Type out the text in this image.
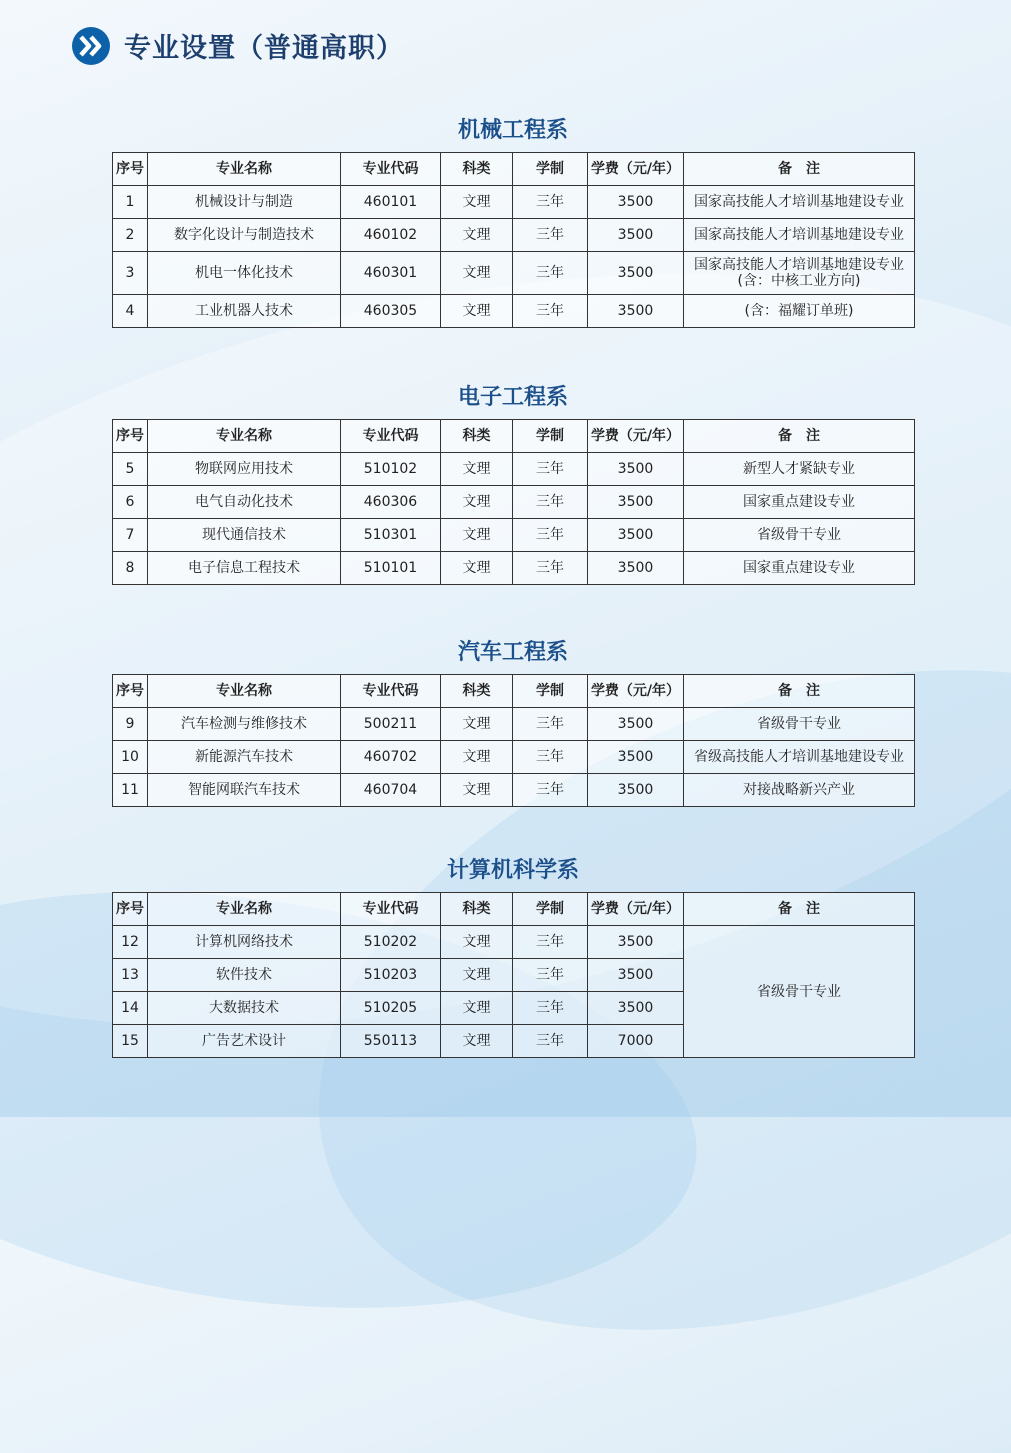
专业设置（普通高职）
机械工程系
序号	专业名称	专业代码	科类	学制	学费（元/年）	备　注
1	机械设计与制造	460101	文理	三年	3500	国家高技能人才培训基地建设专业
2	数字化设计与制造技术	460102	文理	三年	3500	国家高技能人才培训基地建设专业
3	机电一体化技术	460301	文理	三年	3500	国家高技能人才培训基地建设专业
(含：中核工业方向)

4	工业机器人技术	460305	文理	三年	3500	(含：福耀订单班)
电子工程系
序号	专业名称	专业代码	科类	学制	学费（元/年）	备　注
5	物联网应用技术	510102	文理	三年	3500	新型人才紧缺专业
6	电气自动化技术	460306	文理	三年	3500	国家重点建设专业
7	现代通信技术	510301	文理	三年	3500	省级骨干专业
8	电子信息工程技术	510101	文理	三年	3500	国家重点建设专业
汽车工程系
序号	专业名称	专业代码	科类	学制	学费（元/年）	备　注
9	汽车检测与维修技术	500211	文理	三年	3500	省级骨干专业
10	新能源汽车技术	460702	文理	三年	3500	省级高技能人才培训基地建设专业
11	智能网联汽车技术	460704	文理	三年	3500	对接战略新兴产业
计算机科学系
序号	专业名称	专业代码	科类	学制	学费（元/年）	备　注
12	计算机网络技术	510202	文理	三年	3500	省级骨干专业
13	软件技术	510203	文理	三年	3500	
14	大数据技术	510205	文理	三年	3500	
15	广告艺术设计	550113	文理	三年	7000	
